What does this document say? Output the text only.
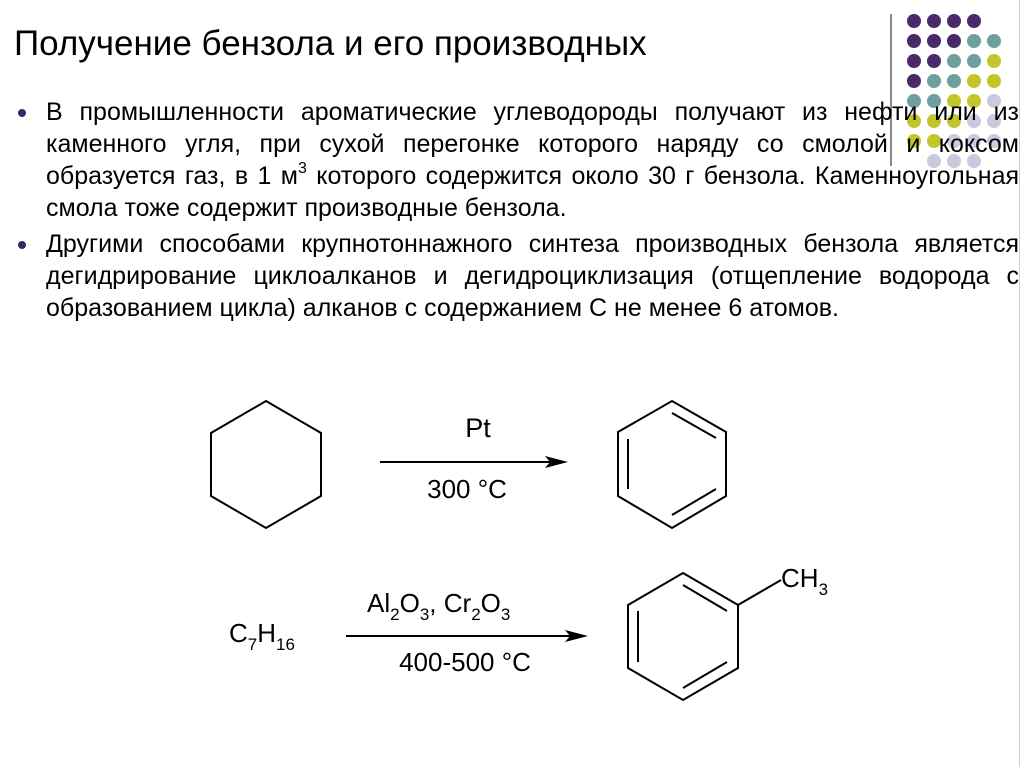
Получение бензола и его производных
В промышленности ароматические углеводороды получают из нефти или из каменного угля, при сухой перегонке которого наряду со смолой и коксом образуется газ, в 1 $м^3$ которого содержится около 30 г бензола. Каменноугольная смола тоже содержит производные бензола.
Другими способами крупнотоннажного синтеза производных бензола является дегидрирование циклоалканов и дегидроциклизация (отщепление водорода с образованием цикла) алканов с содержанием С не менее 6 атомов.
Pt
300 °C
$C_7H_{16}$
$Al_2O_3$, $Cr_2O_3$
400-500 °C
$CH_3$
